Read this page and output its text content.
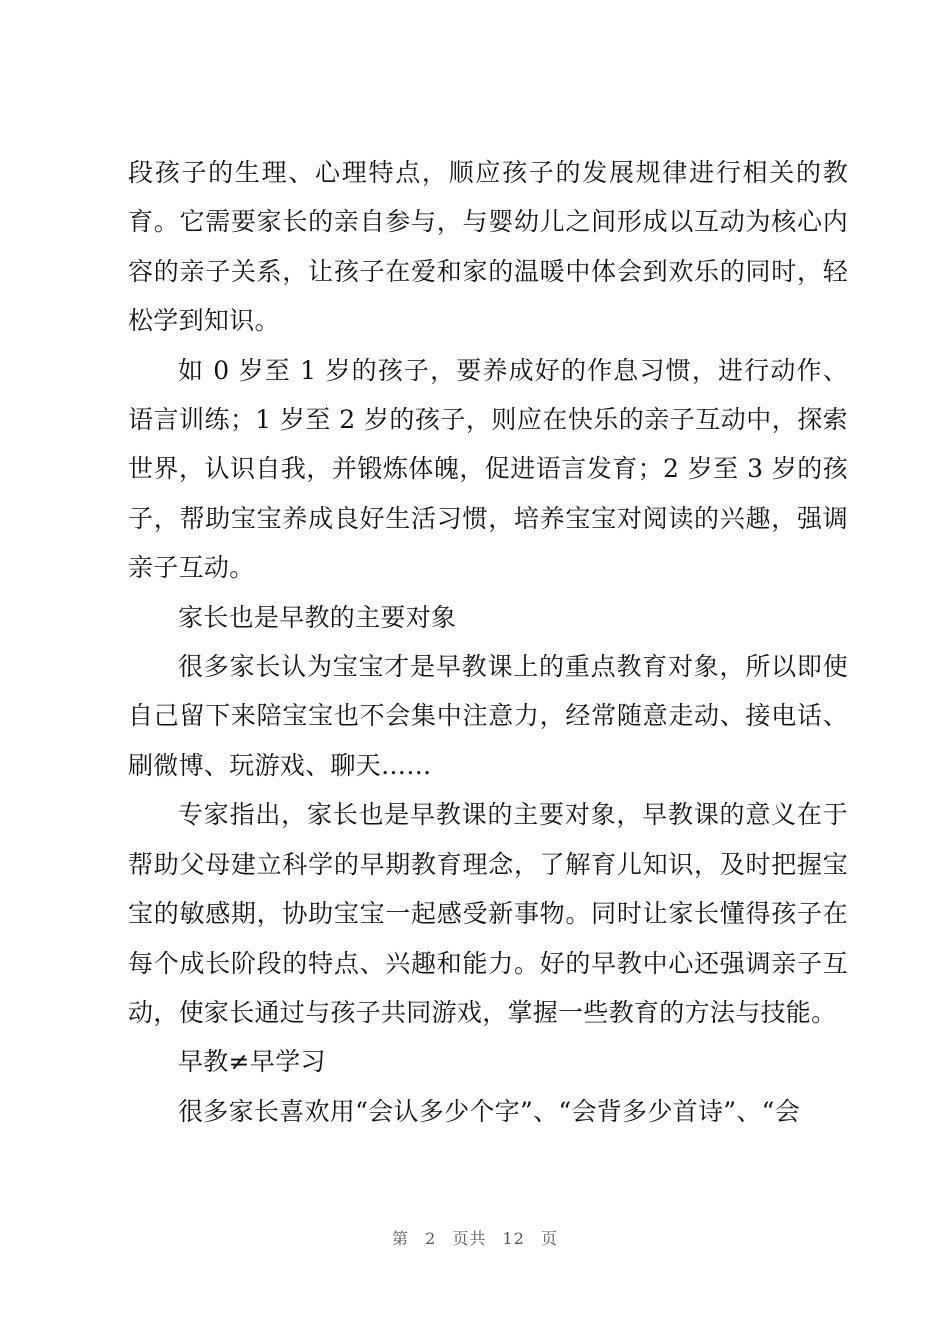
段孩子的生理、心理特点，顺应孩子的发展规律进行相关的教育。它需要家长的亲自参与，与婴幼儿之间形成以互动为核心内容的亲子关系，让孩子在爱和家的温暖中体会到欢乐的同时，轻松学到知识。

如 0 岁至 1 岁的孩子，要养成好的作息习惯，进行动作、语言训练；1 岁至 2 岁的孩子，则应在快乐的亲子互动中，探索世界，认识自我，并锻炼体魄，促进语言发育；2 岁至 3 岁的孩子，帮助宝宝养成良好生活习惯，培养宝宝对阅读的兴趣，强调亲子互动。

家长也是早教的主要对象

很多家长认为宝宝才是早教课上的重点教育对象，所以即使自己留下来陪宝宝也不会集中注意力，经常随意走动、接电话、刷微博、玩游戏、聊天……

专家指出，家长也是早教课的主要对象，早教课的意义在于帮助父母建立科学的早期教育理念，了解育儿知识，及时把握宝宝的敏感期，协助宝宝一起感受新事物。同时让家长懂得孩子在每个成长阶段的特点、兴趣和能力。好的早教中心还强调亲子互动，使家长通过与孩子共同游戏，掌握一些教育的方法与技能。

早教≠早学习

很多家长喜欢用“会认多少个字”、“会背多少首诗”、“会

第 2 页共 12 页
